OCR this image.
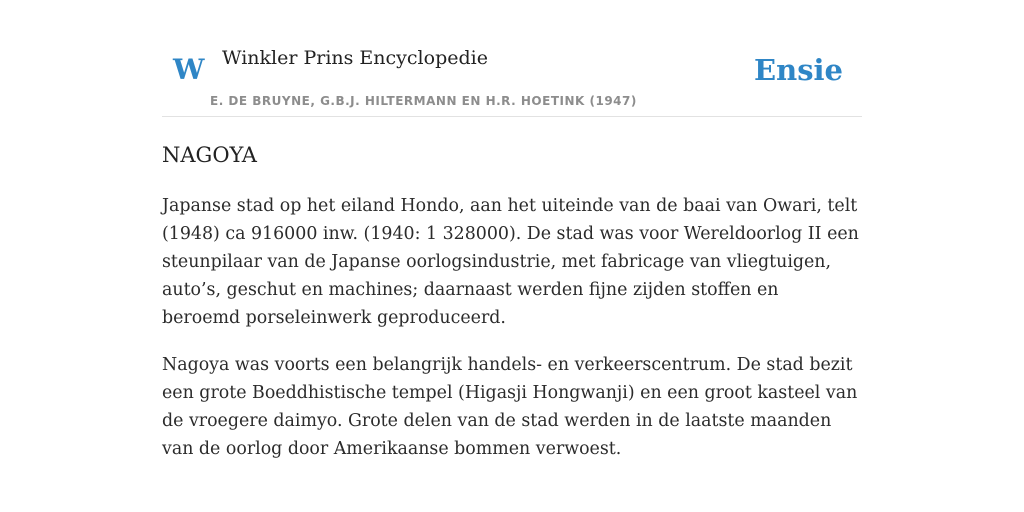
W Winkler Prins Encyclopedie
E. DE BRUYNE, G.B.J. HILTERMANN EN H.R. HOETINK (1947)
Ensie
NAGOYA

Japanse stad op het eiland Hondo, aan het uiteinde van de baai van Owari, telt (1948) ca 916000 inw. (1940: 1 328000). De stad was voor Wereldoorlog II een steunpilaar van de Japanse oorlogsindustrie, met fabricage van vliegtuigen, auto’s, geschut en machines; daarnaast werden fijne zijden stoffen en beroemd porseleinwerk geproduceerd.

Nagoya was voorts een belangrijk handels- en verkeerscentrum. De stad bezit een grote Boeddhistische tempel (Higasji Hongwanji) en een groot kasteel van de vroegere daimyo. Grote delen van de stad werden in de laatste maanden van de oorlog door Amerikaanse bommen verwoest.
